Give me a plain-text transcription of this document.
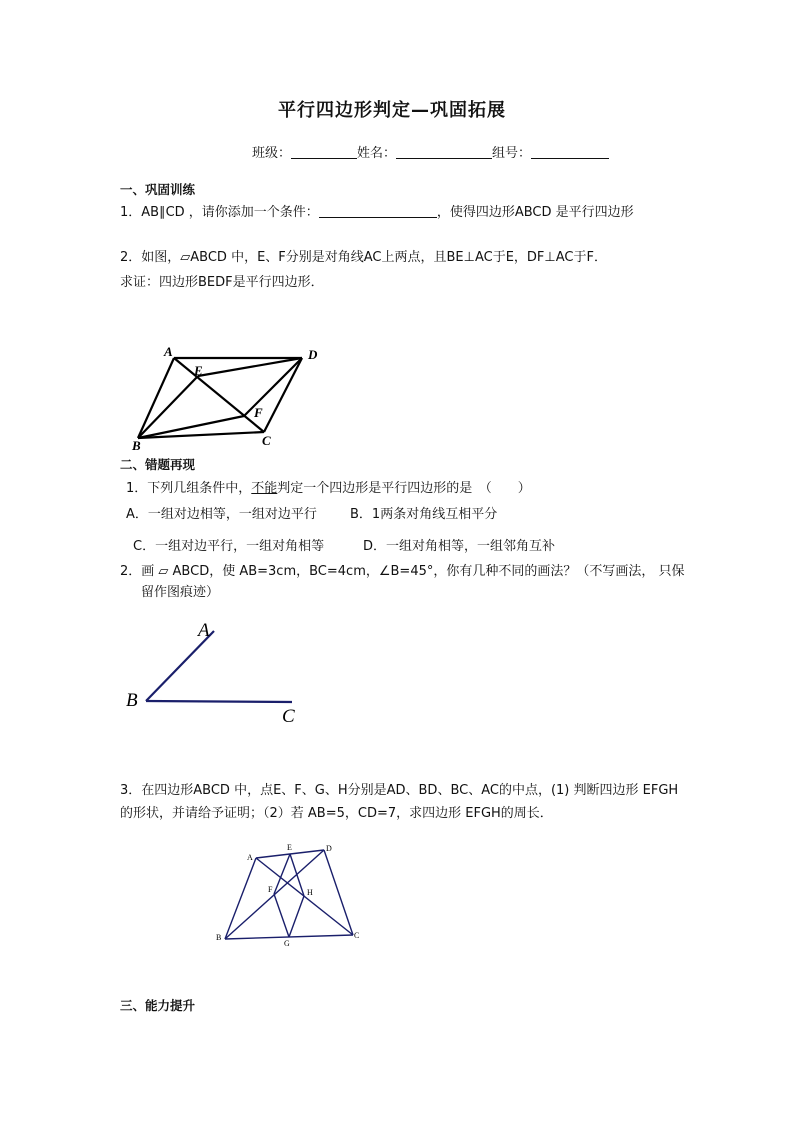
平行四边形判定—巩固拓展
班级：	姓名：	组号：
一、巩固训练
1．AB∥CD ，请你添加一个条件：	，使得四边形ABCD 是平行四边形
2．如图，▱ABCD 中，E、F分别是对角线AC上两点，且BE⊥AC于E，DF⊥AC于F．
求证：四边形BEDF是平行四边形．
A	D
B	C
E
F
二、错题再现
1．下列几组条件中，不能判定一个四边形是平行四边形的是　（　　）
A．一组对边相等，一组对边平行	B．1两条对角线互相平分
C．一组对边平行，一组对角相等	D．一组对角相等，一组邻角互补
2．画 ▱ ABCD，使 AB=3cm，BC=4cm，∠B=45°，你有几种不同的画法？（不写画法， 只保
留作图痕迹）
A
B
C
3．在四边形ABCD 中，点E、F、G、H分别是AD、BD、BC、AC的中点，(1) 判断四边形 EFGH
的形状，并请给予证明；（2）若 AB=5，CD=7，求四边形 EFGH的周长．
A
E	D
F	H
B
G
C
三、能力提升
